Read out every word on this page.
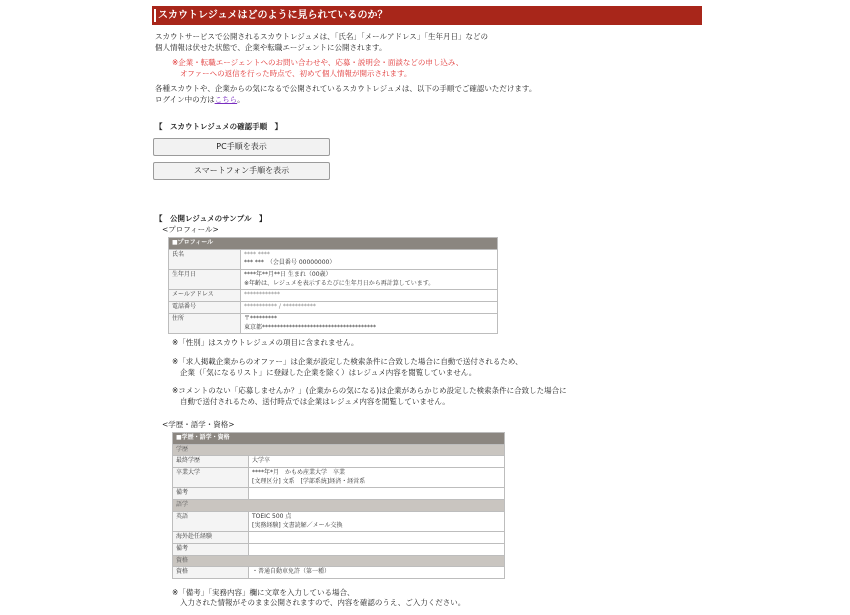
スカウトレジュメはどのように見られているのか？
スカウトサービスで公開されるスカウトレジュメは、「氏名」「メールアドレス」「生年月日」などの
個人情報は伏せた状態で、企業や転職エージェントに公開されます。
※企業・転職エージェントへのお問い合わせや、応募・説明会・面談などの申し込み、
オファーへの返信を行った時点で、初めて個人情報が開示されます。
各種スカウトや、企業からの気になるで公開されているスカウトレジュメは、以下の手順でご確認いただけます。
ログイン中の方はこちら。
【　スカウトレジュメの確認手順　】
PC手順を表示
スマートフォン手順を表示
【　公開レジュメのサンプル　】
<プロフィール>
■プロフィール	
氏名	**** ****
*** ***　（会員番号 00000000）

生年月日	****年**月**日 生まれ（00歳）
※年齢は、レジュメを表示するたびに生年月日から再計算しています。

メールアドレス	************
電話番号	*********** / ***********
住所	〒*********
東京都**************************************
※「性別」はスカウトレジュメの項目に含まれません。
※「求人掲載企業からのオファー」は企業が設定した検索条件に合致した場合に自動で送付されるため、
企業（「気になるリスト」に登録した企業を除く）はレジュメ内容を閲覧していません。
※コメントのない「応募しませんか？」(企業からの気になる)は企業があらかじめ設定した検索条件に合致した場合に
自動で送付されるため、送付時点では企業はレジュメ内容を閲覧していません。
<学歴・語学・資格>
■学歴・語学・資格	
学歴	
最終学歴	大学卒
卒業大学	****年*月　かもめ産業大学　卒業
[文理区分] 文系　[学部系統]経済・経営系

備考	
語学	
英語	TOEIC 500 点
[実務経験] 文書読解／メール交換

海外赴任経験	
備考	
資格	
資格	・普通自動車免許（第一種）
※「備考」「実務内容」欄に文章を入力している場合、
入力された情報がそのまま公開されますので、内容を確認のうえ、ご入力ください。
